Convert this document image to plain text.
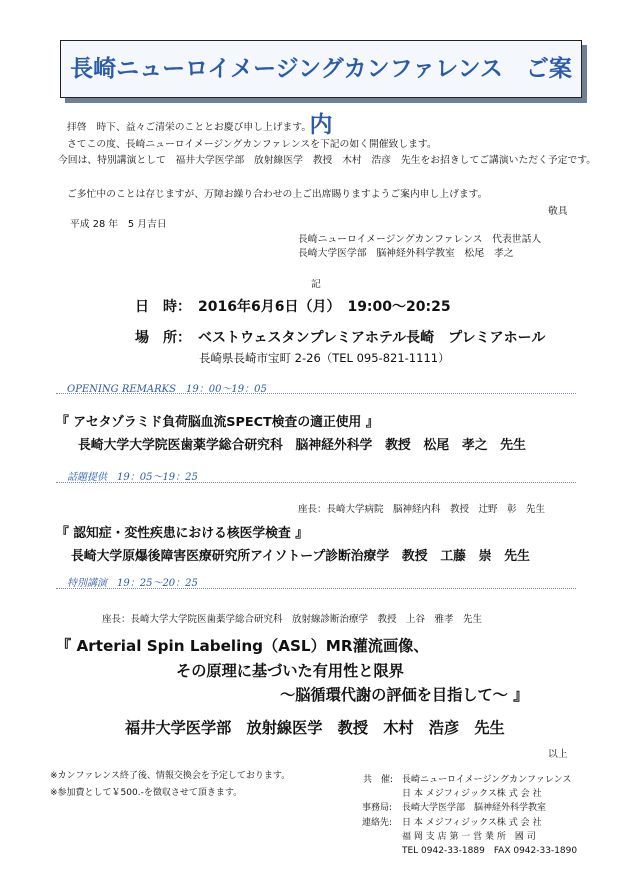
長崎ニューロイメージングカンファレンス　ご案内
拝啓　時下、益々ご清栄のこととお慶び申し上げます。
さてこの度、長崎ニューロイメージングカンファレンスを下記の如く開催致します。
今回は、特別講演として　福井大学医学部　放射線医学　教授　木村　浩彦　先生をお招きしてご講演いただく予定です。
ご多忙中のことは存じますが、万障お繰り合わせの上ご出席賜りますようご案内申し上げます。
敬具
平成 28 年　5 月吉日
長崎ニューロイメージングカンファレンス　代表世話人
長崎大学医学部　脳神経外科学教室　松尾　孝之
記
日　時： 2016年6月6日（月）　19:00～20:25
場　所： ベストウェスタンプレミアホテル長崎　プレミアホール
長崎県長崎市宝町 2-26（TEL 095-821-1111）
OPENING REMARKS　19：00～19：05
『 アセタゾラミド負荷脳血流SPECT検査の適正使用 』
長崎大学大学院医歯薬学総合研究科　脳神経外科学　教授　松尾　孝之　先生
話題提供　19：05～19：25
座長：長崎大学病院　脳神経内科　教授　辻野　彰　先生
『 認知症・変性疾患における核医学検査 』
長崎大学原爆後障害医療研究所アイソトープ診断治療学　教授　工藤　崇　先生
特別講演　19：25～20：25
座長：長崎大学大学院医歯薬学総合研究科　放射線診断治療学　教授　上谷　雅孝　先生
『 Arterial Spin Labeling（ASL）MR灌流画像、
その原理に基づいた有用性と限界
～脳循環代謝の評価を目指して～ 』
福井大学医学部　放射線医学　教授　木村　浩彦　先生
以上
※カンファレンス終了後、情報交換会を予定しております。
※参加費として￥500.-を徴収させて頂きます。
共　催: 長崎ニューロイメージングカンファレンス
日 本 メジフィジックス株 式 会 社
事務局: 長崎大学医学部　脳神経外科学教室
連絡先: 日 本 メジフィジックス株 式 会 社
福 岡 支 店 第 一 営 業 所　國 司
TEL 0942-33-1889　FAX 0942-33-1890
